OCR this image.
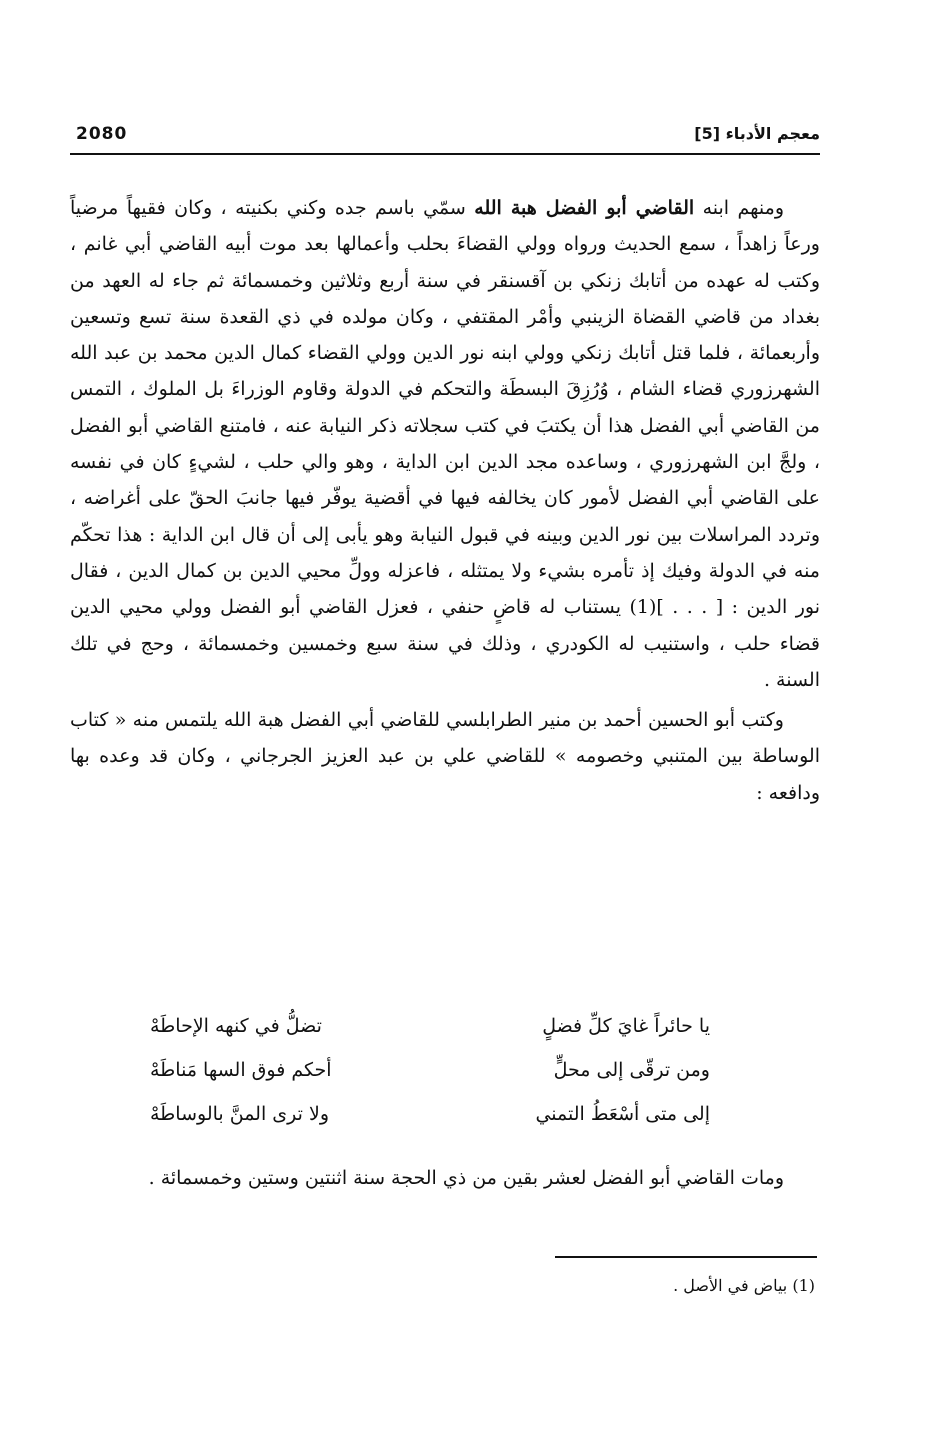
2080	معجم الأدباء [5]

ومنهم ابنه القاضي أبو الفضل هبة الله سمّي باسم جده وكني بكنيته ، وكان فقيهاً مرضياً ورعاً زاهداً ، سمع الحديث ورواه وولي القضاءَ بحلب وأعمالها بعد موت أبيه القاضي أبي غانم ، وكتب له عهده من أتابك زنكي بن آقسنقر في سنة أربع وثلاثين وخمسمائة ثم جاء له العهد من بغداد من قاضي القضاة الزينبي وأمْر المقتفي ، وكان مولده في ذي القعدة سنة تسع وتسعين وأربعمائة ، فلما قتل أتابك زنكي وولي ابنه نور الدين وولي القضاء كمال الدين محمد بن عبد الله الشهرزوري قضاء الشام ، وُرُزِقَ البسطَة والتحكم في الدولة وقاوم الوزراءَ بل الملوك ، التمس من القاضي أبي الفضل هذا أن يكتبَ في كتب سجلاته ذكر النيابة عنه ، فامتنع القاضي أبو الفضل ، ولجَّ ابن الشهرزوري ، وساعده مجد الدين ابن الداية ، وهو والي حلب ، لشيءٍ كان في نفسه على القاضي أبي الفضل لأمور كان يخالفه فيها في أقضية يوفّر فيها جانبَ الحقّ على أغراضه ، وتردد المراسلات بين نور الدين وبينه في قبول النيابة وهو يأبى إلى أن قال ابن الداية : هذا تحكّم منه في الدولة وفيك إذ تأمره بشيء ولا يمتثله ، فاعزله وولِّ محيي الدين بن كمال الدين ، فقال نور الدين : [ . . . ](1) يستناب له قاضٍ حنفي ، فعزل القاضي أبو الفضل وولي محيي الدين قضاء حلب ، واستنيب له الكودري ، وذلك في سنة سبع وخمسين وخمسمائة ، وحج في تلك السنة .

وكتب أبو الحسين أحمد بن منير الطرابلسي للقاضي أبي الفضل هبة الله يلتمس منه « كتاب الوساطة بين المتنبي وخصومه » للقاضي علي بن عبد العزيز الجرجاني ، وكان قد وعده بها ودافعه :

يا حائراً غايَ كلِّ فضلٍ
تضلُّ في كنهه الإحاطَهْ
ومن ترقّى إلى محلٍّ
أحكم فوق السها مَناطَهْ
إلى متى أسْعَطُ التمني
ولا ترى المنَّ بالوساطَهْ

ومات القاضي أبو الفضل لعشر بقين من ذي الحجة سنة اثنتين وستين وخمسمائة .

(1) بياض في الأصل .
